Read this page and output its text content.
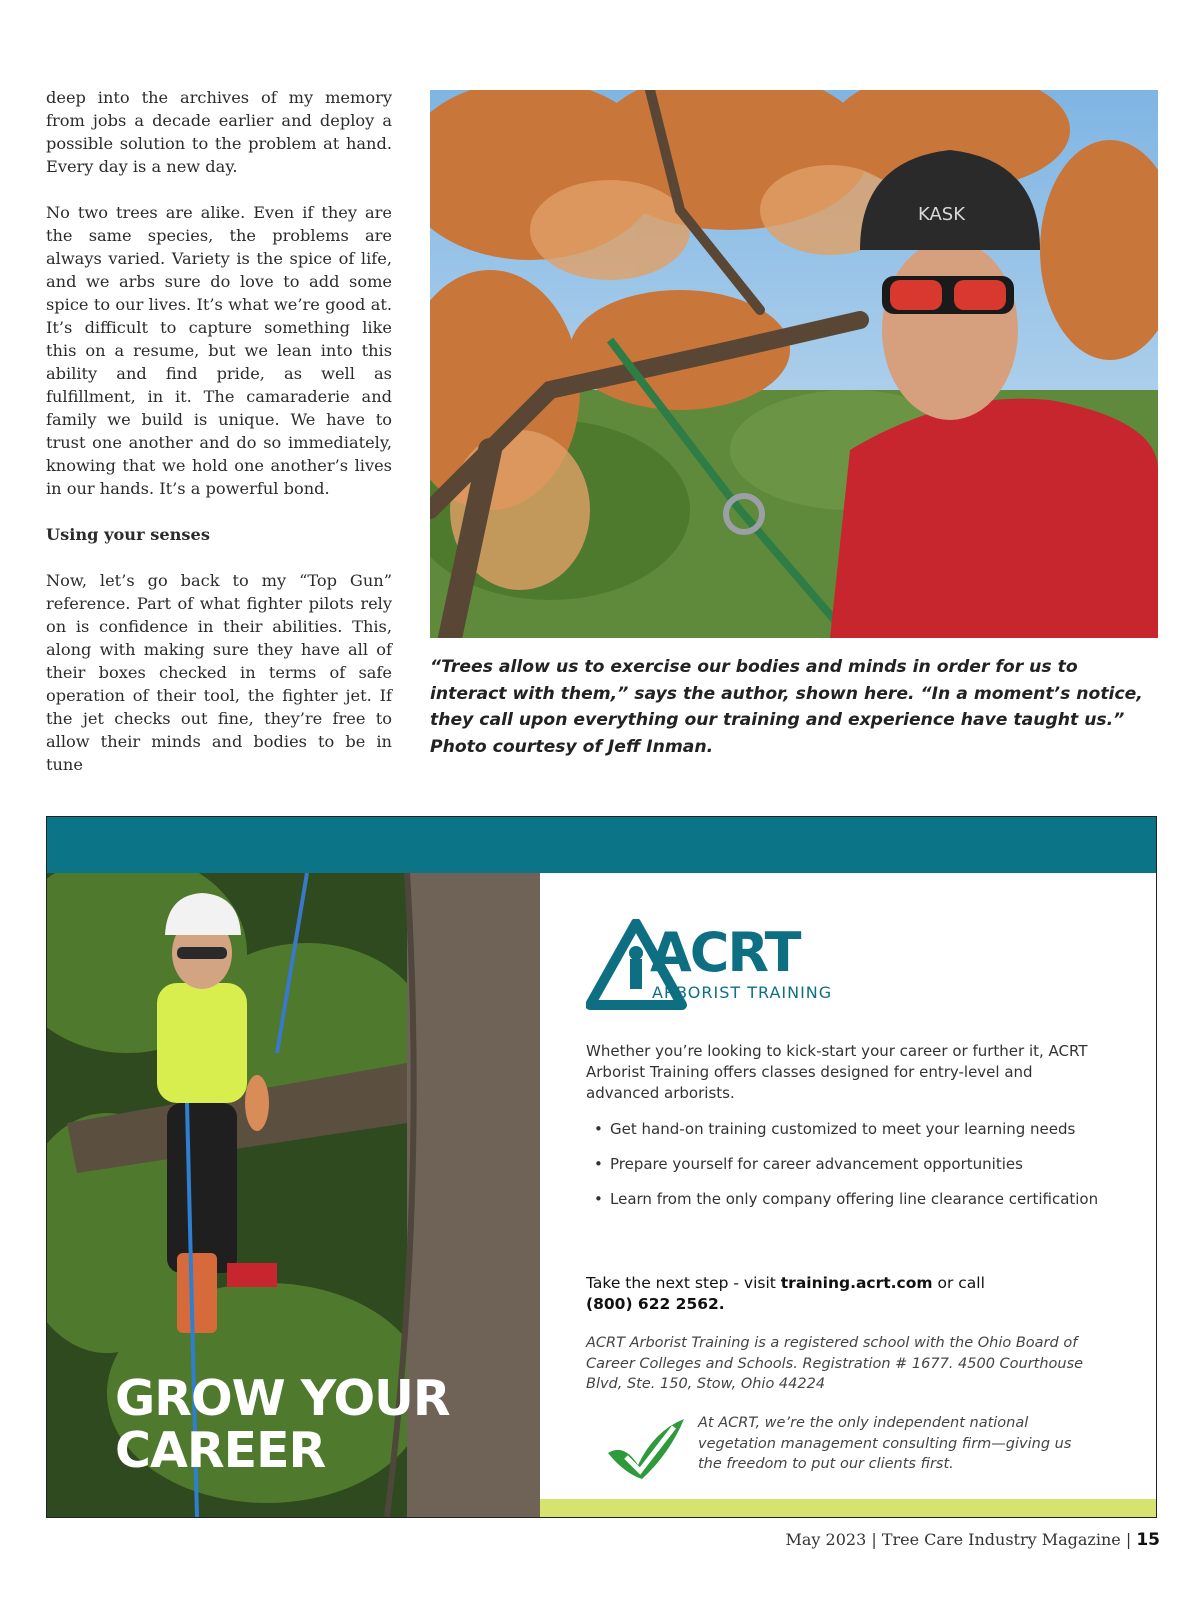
deep into the archives of my memory from jobs a decade earlier and deploy a possible solution to the problem at hand. Every day is a new day.

No two trees are alike. Even if they are the same species, the problems are always varied. Variety is the spice of life, and we arbs sure do love to add some spice to our lives. It’s what we’re good at. It’s difficult to capture something like this on a resume, but we lean into this ability and find pride, as well as fulfillment, in it. The camaraderie and family we build is unique. We have to trust one another and do so immediately, knowing that we hold one another’s lives in our hands. It’s a powerful bond.

Using your senses

Now, let’s go back to my “Top Gun” reference. Part of what fighter pilots rely on is confidence in their abilities. This, along with making sure they have all of their boxes checked in terms of safe operation of their tool, the fighter jet. If the jet checks out fine, they’re free to allow their minds and bodies to be in tune

KASK
“Trees allow us to exercise our bodies and minds in order for us to interact with them,” says the author, shown here. “In a moment’s notice, they call upon everything our training and experience have taught us.” Photo courtesy of Jeff Inman.
GROW YOUR
CAREER
ACRT
ARBORIST TRAINING
Whether you’re looking to kick-start your career or further it, ACRT Arborist Training offers classes designed for entry-level and advanced arborists.
• Get hand-on training customized to meet your learning needs
• Prepare yourself for career advancement opportunities
• Learn from the only company offering line clearance certification
Take the next step - visit training.acrt.com or call
(800) 622 2562.
ACRT Arborist Training is a registered school with the Ohio Board of Career Colleges and Schools. Registration # 1677. 4500 Courthouse Blvd, Ste. 150, Stow, Ohio 44224
At ACRT, we’re the only independent national vegetation management consulting firm—giving us the freedom to put our clients first.
May 2023 | Tree Care Industry Magazine | 15
